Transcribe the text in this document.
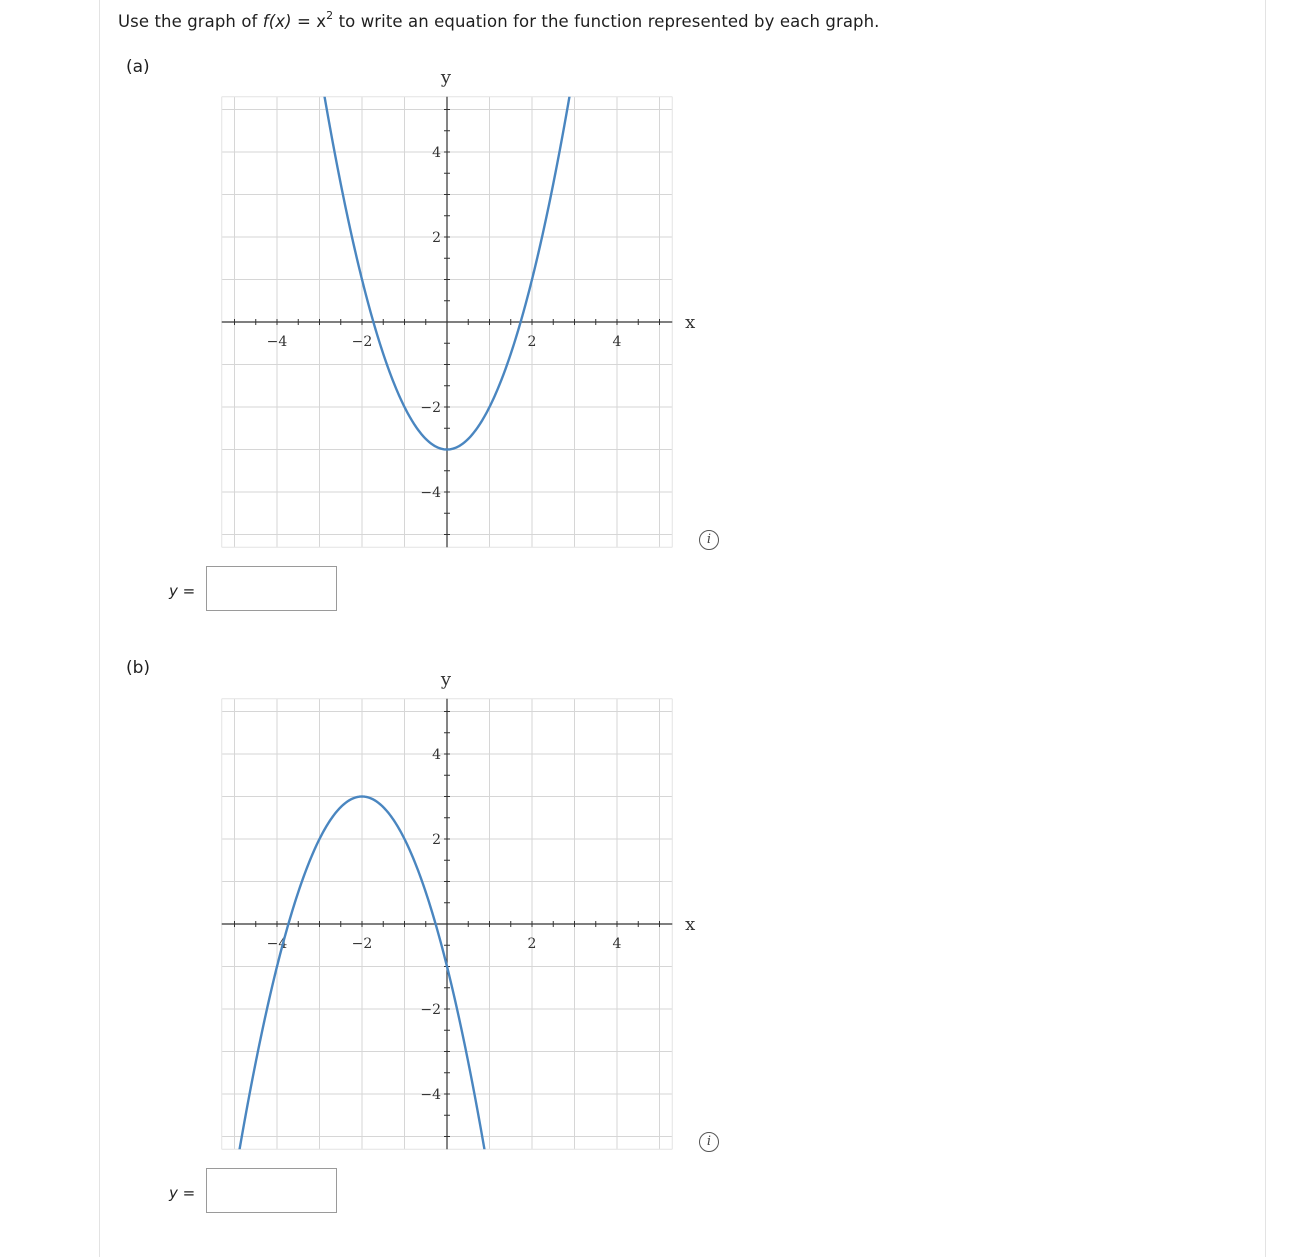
Use the graph of $f(x) = x^2$ to write an equation for the function represented by each graph.
(a)
−4	−2	2	4
4
2
−2
−4
x
y
i
y =
(b)
−4	−2	2	4
4
2
−2
−4
x
y
i
y =
